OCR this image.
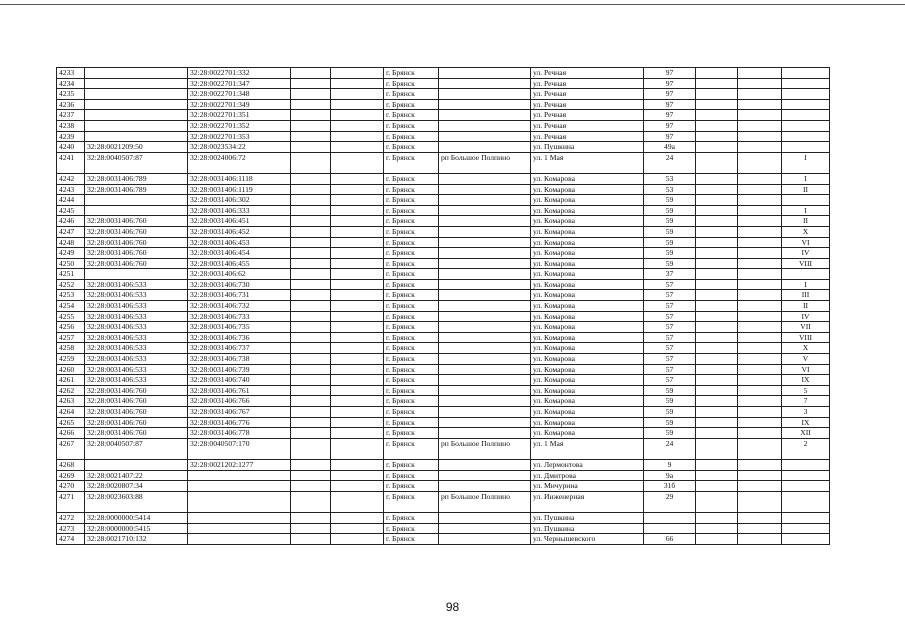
4233		32:28:0022701:332			г. Брянск		ул. Речная	97			
4234		32:28:0022701:347			г. Брянск		ул. Речная	97			
4235		32:28:0022701:348			г. Брянск		ул. Речная	97			
4236		32:28:0022701:349			г. Брянск		ул. Речная	97			
4237		32:28:0022701:351			г. Брянск		ул. Речная	97			
4238		32:28:0022701:352			г. Брянск		ул. Речная	97			
4239		32:28:0022701:353			г. Брянск		ул. Речная	97			
4240	32:28:0021209:50	32:28:0023534:22			г. Брянск		ул. Пушкина	49а			
4241	32:28:0040507:87	32:28:0024006:72			г. Брянск	рп Большое Полпино	ул. 1 Мая	24			I
4242	32:28:0031406:789	32:28:0031406:1118			г. Брянск		ул. Комарова	53			I
4243	32:28:0031406:789	32:28:0031406:1119			г. Брянск		ул. Комарова	53			II
4244		32:28:0031406:302			г. Брянск		ул. Комарова	59			
4245		32:28:0031406:333			г. Брянск		ул. Комарова	59			I
4246	32:28:0031406:760	32:28:0031406:451			г. Брянск		ул. Комарова	59			II
4247	32:28:0031406:760	32:28:0031406:452			г. Брянск		ул. Комарова	59			X
4248	32:28:0031406:760	32:28:0031406:453			г. Брянск		ул. Комарова	59			VI
4249	32:28:0031406:760	32:28:0031406:454			г. Брянск		ул. Комарова	59			IV
4250	32:28:0031406:760	32:28:0031406:455			г. Брянск		ул. Комарова	59			VIII
4251		32:28:0031406:62			г. Брянск		ул. Комарова	37			
4252	32:28:0031406:533	32:28:0031406:730			г. Брянск		ул. Комарова	57			I
4253	32:28:0031406:533	32:28:0031406:731			г. Брянск		ул. Комарова	57			III
4254	32:28:0031406:533	32:28:0031406:732			г. Брянск		ул. Комарова	57			II
4255	32:28:0031406:533	32:28:0031406:733			г. Брянск		ул. Комарова	57			IV
4256	32:28:0031406:533	32:28:0031406:735			г. Брянск		ул. Комарова	57			VII
4257	32:28:0031406:533	32:28:0031406:736			г. Брянск		ул. Комарова	57			VIII
4258	32:28:0031406:533	32:28:0031406:737			г. Брянск		ул. Комарова	57			X
4259	32:28:0031406:533	32:28:0031406:738			г. Брянск		ул. Комарова	57			V
4260	32:28:0031406:533	32:28:0031406:739			г. Брянск		ул. Комарова	57			VI
4261	32:28:0031406:533	32:28:0031406:740			г. Брянск		ул. Комарова	57			IX
4262	32:28:0031406:760	32:28:0031406:761			г. Брянск		ул. Комарова	59			5
4263	32:28:0031406:760	32:28:0031406:766			г. Брянск		ул. Комарова	59			7
4264	32:28:0031406:760	32:28:0031406:767			г. Брянск		ул. Комарова	59			3
4265	32:28:0031406:760	32:28:0031406:776			г. Брянск		ул. Комарова	59			IX
4266	32:28:0031406:760	32:28:0031406:778			г. Брянск		ул. Комарова	59			XII
4267	32:28:0040507:87	32:28:0040507:170			г. Брянск	рп Большое Полпино	ул. 1 Мая	24			2
4268		32:28:0021202:1277			г. Брянск		ул. Лермонтова	9			
4269	32:28:0021407:22				г. Брянск		ул. Дмитрова	9а			
4270	32:28:0020807:34				г. Брянск		ул. Мичурина	31б			
4271	32:28:0023603:88				г. Брянск	рп Большое Полпино	ул. Инженерная	29			
4272	32:28:0000000:5414				г. Брянск		ул. Пушкина				
4273	32:28:0000000:5415				г. Брянск		ул. Пушкина				
4274	32:28:0021710:132				г. Брянск		ул. Чернышевского	66			
98
